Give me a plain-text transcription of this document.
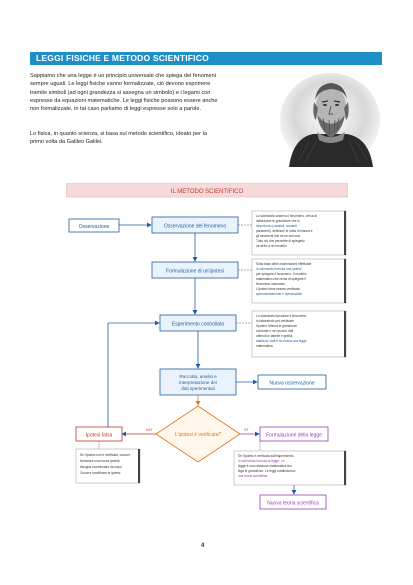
LEGGI FISICHE E METODO SCIENTIFICO
Sappiamo che una legge è un principio universale che spiega dei fenomeni
sempre uguali. Le leggi fisiche vanno formalizzate, ciò devono esprimere
tramite simboli (ad ogni grandezza si assegna un simbolo) e i legami con
espresse da equazioni matematiche. Le leggi fisiche possono essere anche
non formalizzate, in tal caso parliamo di leggi espresse solo a parole.
Lo fisica, in quanto scienza, si basa sul metodo scientifico, ideato per la
primo volta da Galileo Galilei.
IL METODO SCIENTIFICO
Osservazione	Osservazione del fenomeno
Lo scienziato osserva il fenomeno, cerca di
individuare le grandezze che lo
descrivono (variabili, costanti,
parametri), definisce le unità di misura e
gli strumenti che se ne servono.
Tutto ciò che permette di spiegarlo
va detto a un modello.
Formulazione di un'ipotesi
Sulla base delle osservazioni effettuate
lo scienziato formula una ipotesi
per spiegare il fenomeno. Il modello
matematico che cerca di spiegare il
fenomeno osservato.
L'ipotesi deve essere verificata
sperimentalmente e riproducibile.
Esperimento controllato
Lo scienziato riproduce il fenomeno
in laboratorio per verificare
l'ipotesi. Misura le grandezze
coinvolte e ne riporta i dati
ottenuti in tabelle e grafici,
analizza i dati e ne ricava una legge
matematica.
Raccolta, analisi e
interpretazione dei
dati sperimentali
Nuova osservazione
L'ipotesi è verificata?
NO
Ipotesi falsa
Se l'ipotesi non è verificata, occorre
formulare una nuova ipotesi;
bisogna ricominciare da capo.
Occorre modificare le ipotesi.
SÌ
Formulazione della legge
Se l'ipotesi è verificata dall'esperimento
lo scienziato formula la legge. La
legge è una relazione matematica che
lega le grandezze. Le leggi costituiscono
una teoria scientifica.
Nuova teoria scientifica
4
